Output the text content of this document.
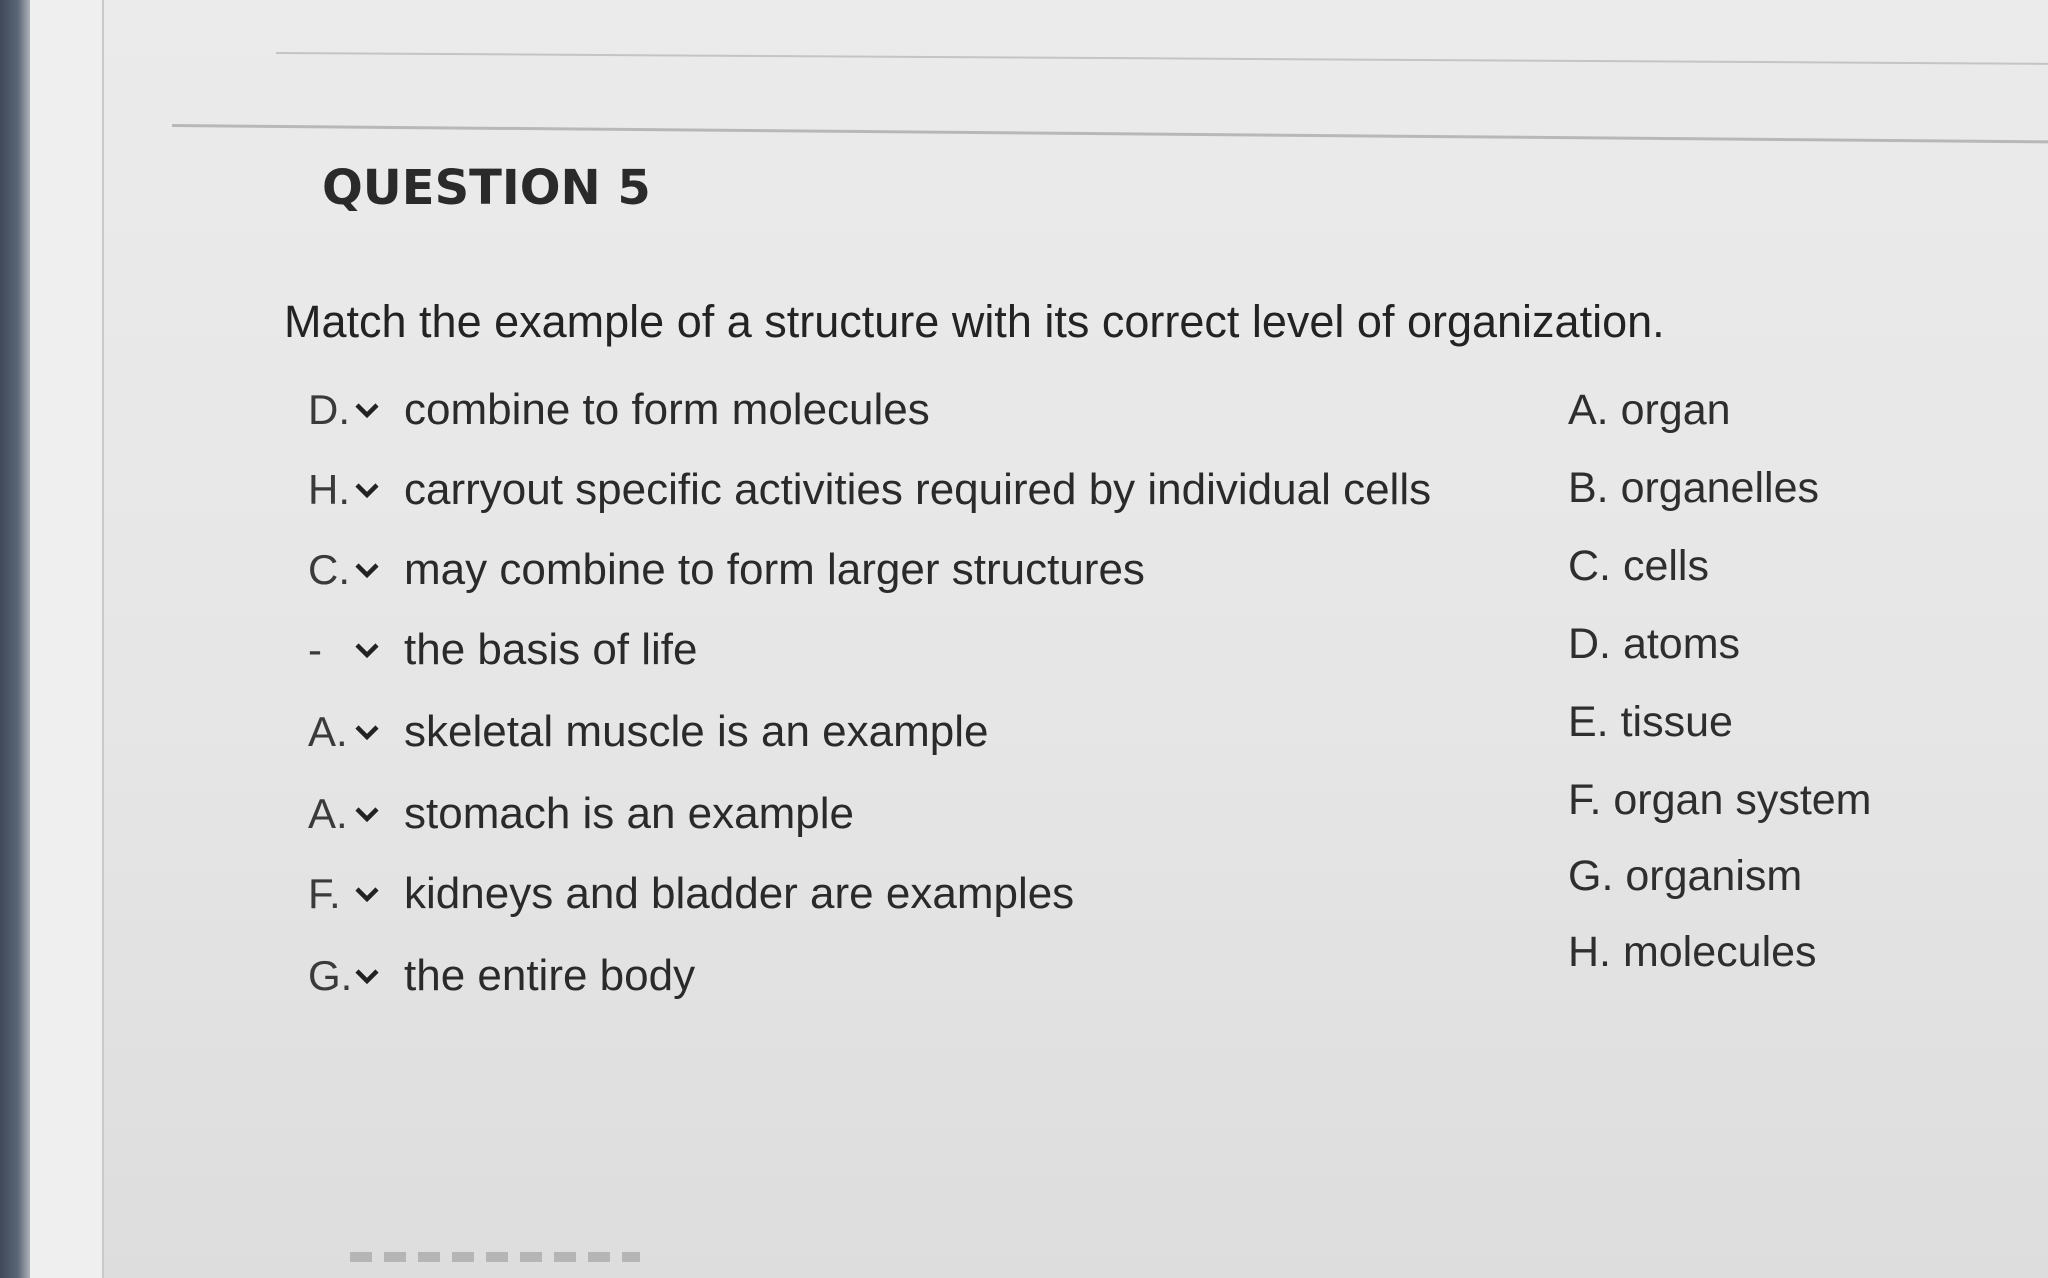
QUESTION 5
Match the example of a structure with its correct level of organization.
D. combine to form molecules
H. carryout specific activities required by individual cells
C. may combine to form larger structures
-	the basis of life
A. skeletal muscle is an example
A. stomach is an example
F.	kidneys and bladder are examples
G. the entire body
A. organ
B. organelles
C. cells
D. atoms
E. tissue
F. organ system
G. organism
H. molecules
